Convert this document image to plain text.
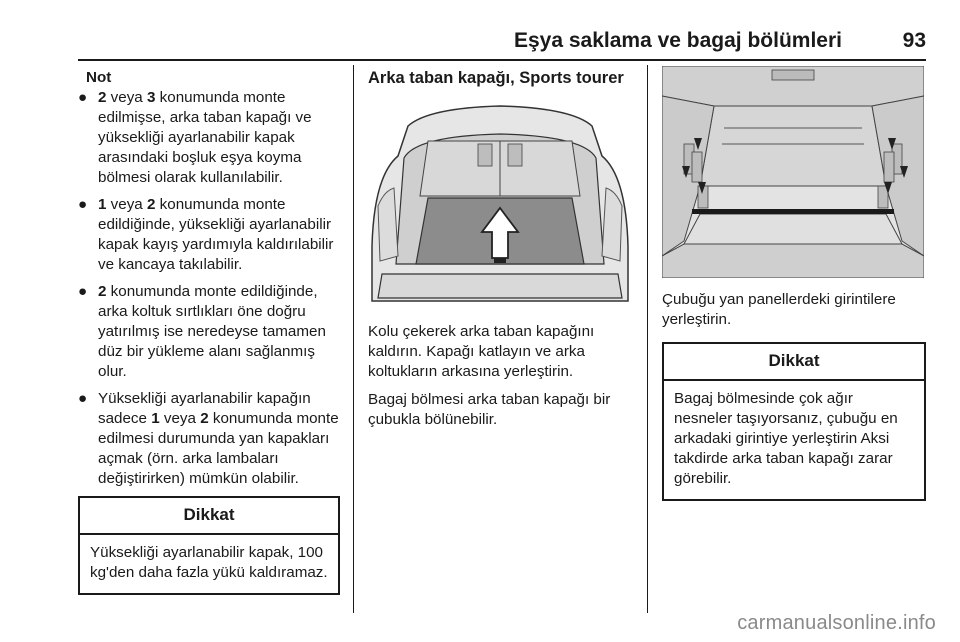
Eşya saklama ve bagaj bölümleri	93
Not
● 2 veya 3 konumunda monte edilmişse, arka taban kapağı ve yüksekliği ayarlanabilir kapak arasındaki boşluk eşya koyma bölmesi olarak kullanılabilir.
● 1 veya 2 konumunda monte edildiğinde, yüksekliği ayarlanabilir kapak kayış yardımıyla kaldırılabilir ve kancaya takılabilir.
● 2 konumunda monte edildiğinde, arka koltuk sırtlıkları öne doğru yatırılmış ise neredeyse tamamen düz bir yükleme alanı sağlanmış olur.
● Yüksekliği ayarlanabilir kapağın sadece 1 veya 2 konumunda monte edilmesi durumunda yan kapakları açmak (örn. arka lambaları değiştirirken) mümkün olabilir.
Dikkat
Yüksekliği ayarlanabilir kapak, 100 kg'den daha fazla yükü kaldıramaz.
Arka taban kapağı, Sports tourer

Kolu çekerek arka taban kapağını kaldırın. Kapağı katlayın ve arka koltukların arkasına yerleştirin.

Bagaj bölmesi arka taban kapağı bir çubukla bölünebilir.

Çubuğu yan panellerdeki girintilere yerleştirin.

Dikkat
Bagaj bölmesinde çok ağır nesneler taşıyorsanız, çubuğu en arkadaki girintiye yerleştirin Aksi takdirde arka taban kapağı zarar görebilir.
carmanualsonline.info
